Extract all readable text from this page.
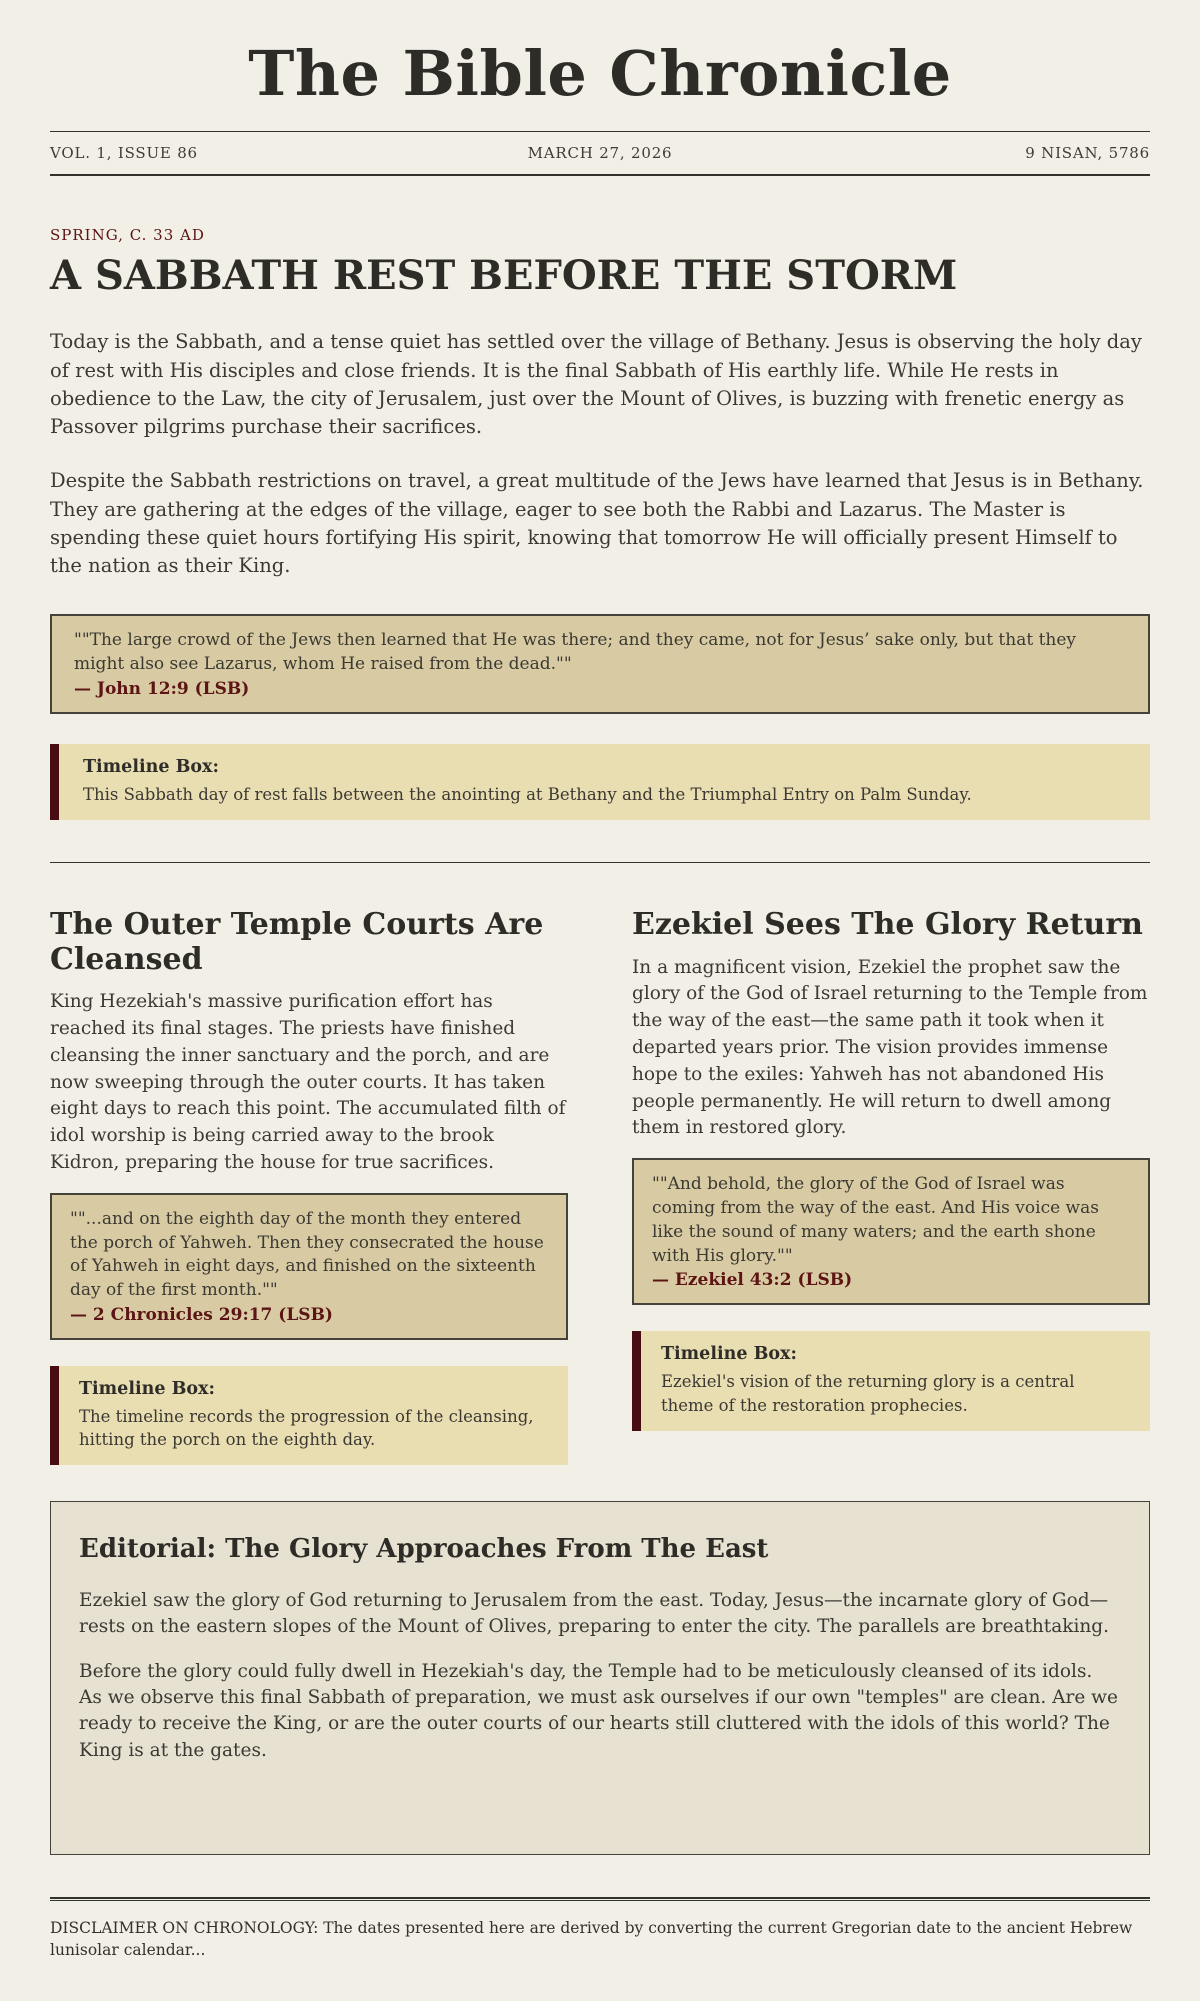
The Bible Chronicle
VOL. 1, ISSUE 86	MARCH 27, 2026	9 NISAN, 5786
SPRING, C. 33 AD
A SABBATH REST BEFORE THE STORM

Today is the Sabbath, and a tense quiet has settled over the village of Bethany. Jesus is observing the holy day of rest with His disciples and close friends. It is the final Sabbath of His earthly life. While He rests in obedience to the Law, the city of Jerusalem, just over the Mount of Olives, is buzzing with frenetic energy as Passover pilgrims purchase their sacrifices.

Despite the Sabbath restrictions on travel, a great multitude of the Jews have learned that Jesus is in Bethany. They are gathering at the edges of the village, eager to see both the Rabbi and Lazarus. The Master is spending these quiet hours fortifying His spirit, knowing that tomorrow He will officially present Himself to the nation as their King.

""The large crowd of the Jews then learned that He was there; and they came, not for Jesus’ sake only, but that they might also see Lazarus, whom He raised from the dead.""
— John 12:9 (LSB)
Timeline Box:
This Sabbath day of rest falls between the anointing at Bethany and the Triumphal Entry on Palm Sunday.
The Outer Temple Courts Are Cleansed

King Hezekiah's massive purification effort has reached its final stages. The priests have finished cleansing the inner sanctuary and the porch, and are now sweeping through the outer courts. It has taken eight days to reach this point. The accumulated filth of idol worship is being carried away to the brook Kidron, preparing the house for true sacrifices.

""...and on the eighth day of the month they entered the porch of Yahweh. Then they consecrated the house of Yahweh in eight days, and finished on the sixteenth day of the first month.""
— 2 Chronicles 29:17 (LSB)
Timeline Box:
The timeline records the progression of the cleansing, hitting the porch on the eighth day.
Ezekiel Sees The Glory Return

In a magnificent vision, Ezekiel the prophet saw the glory of the God of Israel returning to the Temple from the way of the east—the same path it took when it departed years prior. The vision provides immense hope to the exiles: Yahweh has not abandoned His people permanently. He will return to dwell among them in restored glory.

""And behold, the glory of the God of Israel was coming from the way of the east. And His voice was like the sound of many waters; and the earth shone with His glory.""
— Ezekiel 43:2 (LSB)
Timeline Box:
Ezekiel's vision of the returning glory is a central theme of the restoration prophecies.
Editorial: The Glory Approaches From The East

Ezekiel saw the glory of God returning to Jerusalem from the east. Today, Jesus—the incarnate glory of God—rests on the eastern slopes of the Mount of Olives, preparing to enter the city. The parallels are breathtaking.

Before the glory could fully dwell in Hezekiah's day, the Temple had to be meticulously cleansed of its idols. As we observe this final Sabbath of preparation, we must ask ourselves if our own "temples" are clean. Are we ready to receive the King, or are the outer courts of our hearts still cluttered with the idols of this world? The King is at the gates.

DISCLAIMER ON CHRONOLOGY: The dates presented here are derived by converting the current Gregorian date to the ancient Hebrew lunisolar calendar...
